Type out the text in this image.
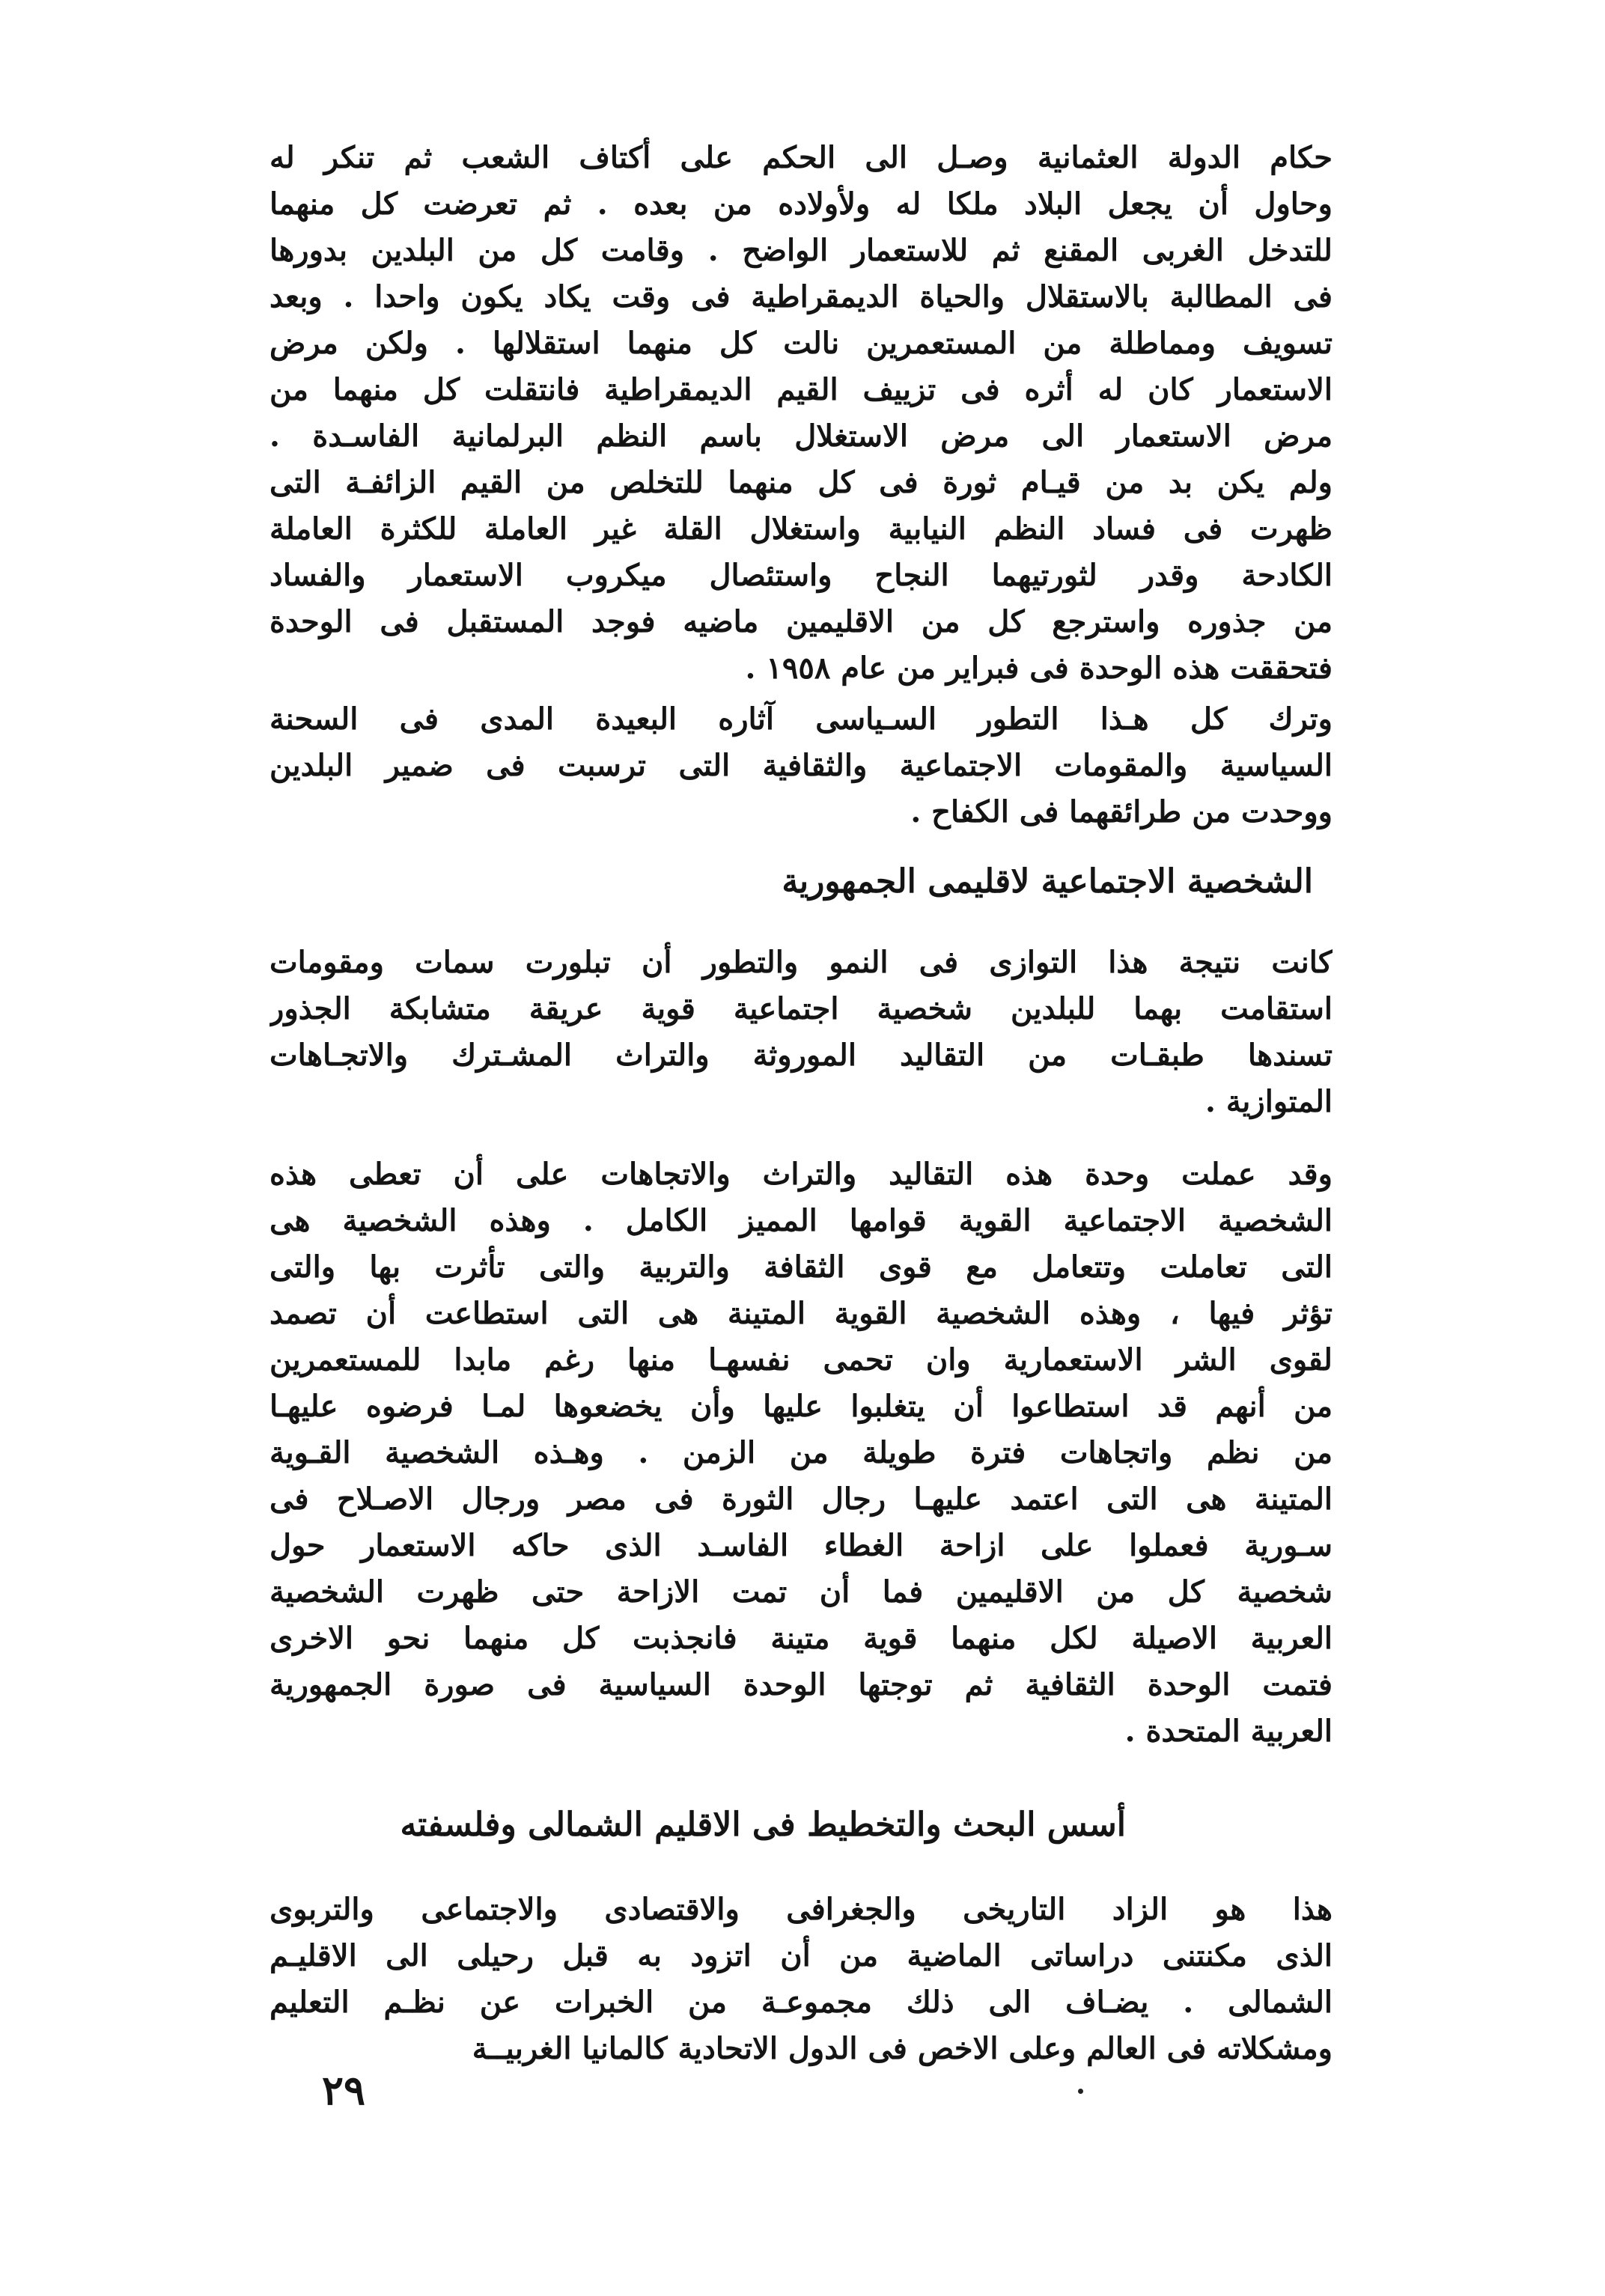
حكام الدولة العثمانية وصـل الى الحكم على أكتاف الشعب ثم تنكر له
وحاول أن يجعل البلاد ملكا له ولأولاده من بعده . ثم تعرضت كل منهما
للتدخل الغربى المقنع ثم للاستعمار الواضح . وقامت كل من البلدين بدورها
فى المطالبة بالاستقلال والحياة الديمقراطية فى وقت يكاد يكون واحدا . وبعد
تسويف ومماطلة من المستعمرين نالت كل منهما استقلالها . ولكن مرض
الاستعمار كان له أثره فى تزييف القيم الديمقراطية فانتقلت كل منهما من
مرض الاستعمار الى مرض الاستغلال باسم النظم البرلمانية الفاسـدة .
ولم يكن بد من قيـام ثورة فى كل منهما للتخلص من القيم الزائفـة التى
ظهرت فى فساد النظم النيابية واستغلال القلة غير العاملة للكثرة العاملة
الكادحة وقدر لثورتيهما النجاح واستئصال ميكروب الاستعمار والفساد
من جذوره واسترجع كل من الاقليمين ماضيه فوجد المستقبل فى الوحدة
فتحققت هذه الوحدة فى فبراير من عام ١٩٥٨ .
وترك كل هـذا التطور السـياسى آثاره البعيدة المدى فى السحنة
السياسية والمقومات الاجتماعية والثقافية التى ترسبت فى ضمير البلدين
ووحدت من طرائقهما فى الكفاح .
الشخصية الاجتماعية لاقليمى الجمهورية
كانت نتيجة هذا التوازى فى النمو والتطور أن تبلورت سمات ومقومات
استقامت بهما للبلدين شخصية اجتماعية قوية عريقة متشابكة الجذور
تسندها طبقـات من التقاليد الموروثة والتراث المشـترك والاتجـاهات
المتوازية .
وقد عملت وحدة هذه التقاليد والتراث والاتجاهات على أن تعطى هذه
الشخصية الاجتماعية القوية قوامها المميز الكامل . وهذه الشخصية هى
التى تعاملت وتتعامل مع قوى الثقافة والتربية والتى تأثرت بها والتى
تؤثر فيها ، وهذه الشخصية القوية المتينة هى التى استطاعت أن تصمد
لقوى الشر الاستعمارية وان تحمى نفسهـا منها رغم مابدا للمستعمرين
من أنهم قد استطاعوا أن يتغلبوا عليها وأن يخضعوها لمـا فرضوه عليهـا
من نظم واتجاهات فترة طويلة من الزمن . وهـذه الشخصية القـوية
المتينة هى التى اعتمد عليهـا رجال الثورة فى مصر ورجال الاصـلاح فى
سـورية فعملوا على ازاحة الغطاء الفاسـد الذى حاكه الاستعمار حول
شخصية كل من الاقليمين فما أن تمت الازاحة حتى ظهرت الشخصية
العربية الاصيلة لكل منهما قوية متينة فانجذبت كل منهما نحو الاخرى
فتمت الوحدة الثقافية ثم توجتها الوحدة السياسية فى صورة الجمهورية
العربية المتحدة .
أسس البحث والتخطيط فى الاقليم الشمالى وفلسفته
هذا هو الزاد التاريخى والجغرافى والاقتصادى والاجتماعى والتربوى
الذى مكنتنى دراساتى الماضية من أن اتزود به قبل رحيلى الى الاقليـم
الشمالى . يضـاف الى ذلك مجموعـة من الخبرات عن نظـم التعليم
ومشكلاته فى العالم وعلى الاخص فى الدول الاتحادية كالمانيا الغربيــة
٢٩
